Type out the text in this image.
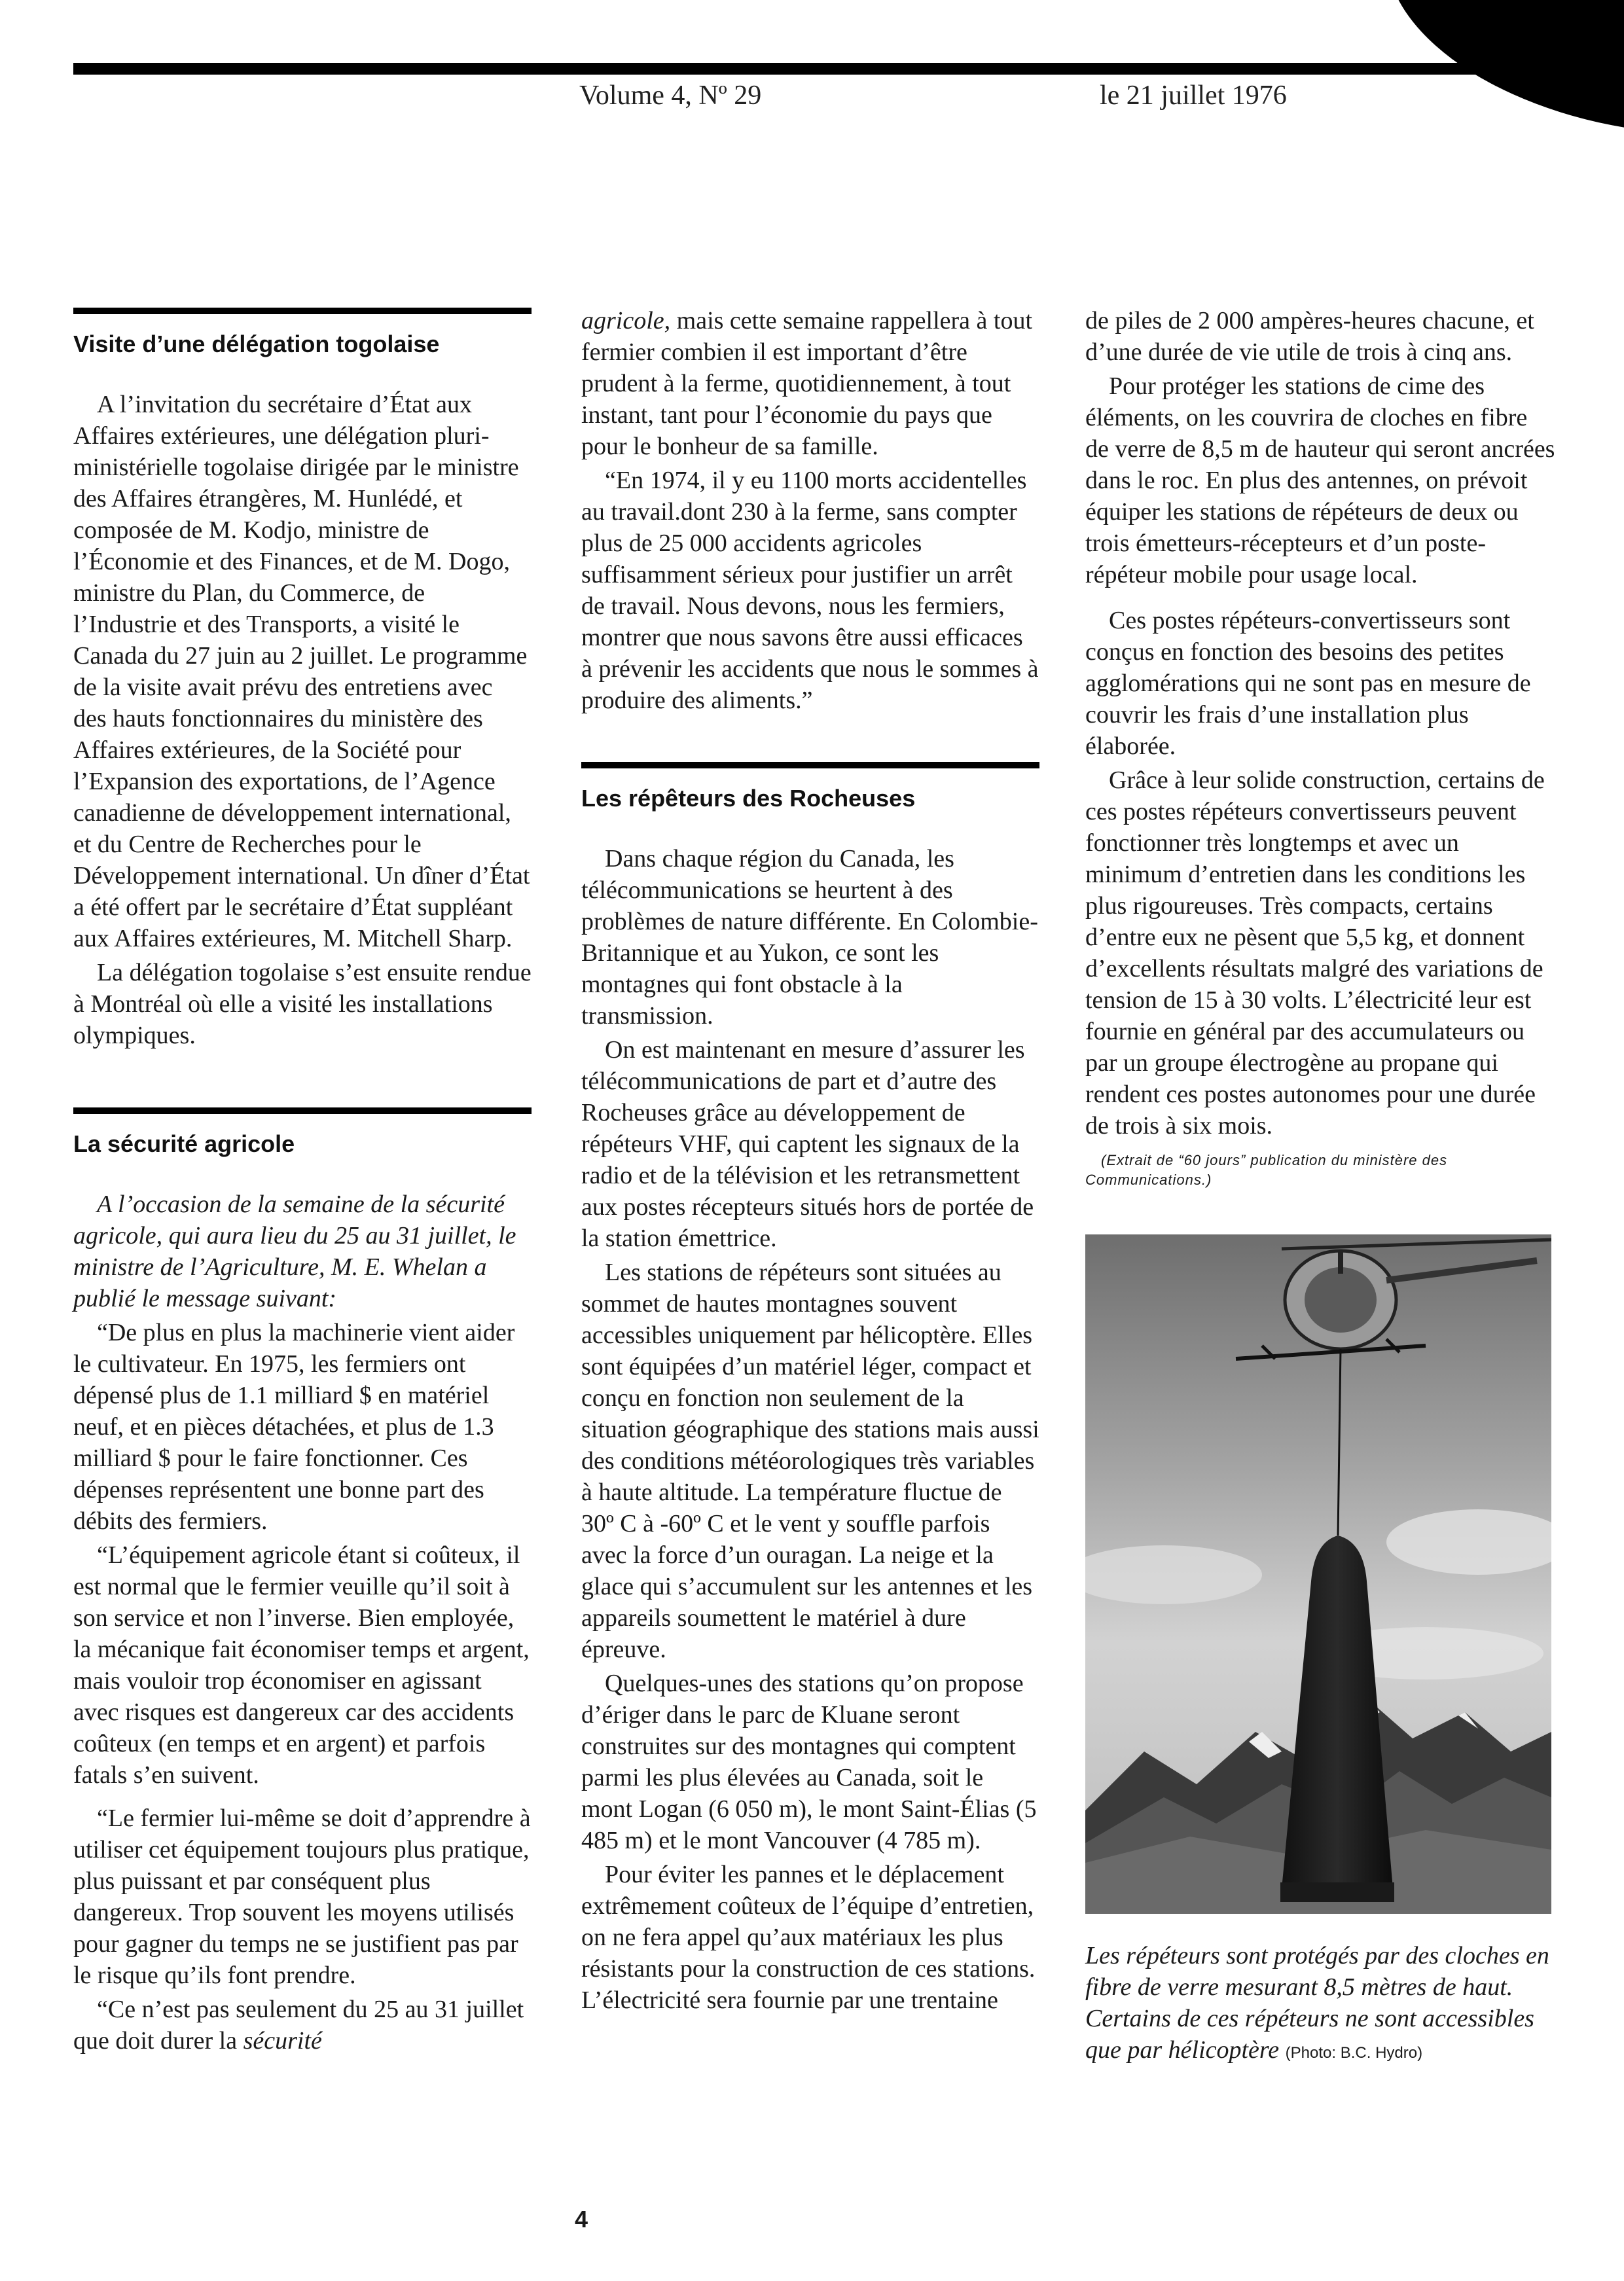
Volume 4, Nº 29	le 21 juillet 1976
Visite d’une délégation togolaise

A l’invitation du secrétaire d’État aux Affaires extérieures, une délégation pluri-ministérielle togolaise dirigée par le ministre des Affaires étrangères, M. Hunlédé, et composée de M. Kodjo, ministre de l’Économie et des Finances, et de M. Dogo, ministre du Plan, du Commerce, de l’Industrie et des Transports, a visité le Canada du 27 juin au 2 juillet. Le programme de la visite avait prévu des entretiens avec des hauts fonctionnaires du ministère des Affaires extérieures, de la Société pour l’Expansion des exportations, de l’Agence canadienne de développement international, et du Centre de Recherches pour le Développement international. Un dîner d’État a été offert par le secrétaire d’État suppléant aux Affaires extérieures, M. Mitchell Sharp.

La délégation togolaise s’est ensuite rendue à Montréal où elle a visité les installations olympiques.

La sécurité agricole

A l’occasion de la semaine de la sécurité agricole, qui aura lieu du 25 au 31 juillet, le ministre de l’Agriculture, M. E. Whelan a publié le message suivant:

“De plus en plus la machinerie vient aider le cultivateur. En 1975, les fermiers ont dépensé plus de 1.1 milliard $ en matériel neuf, et en pièces détachées, et plus de 1.3 milliard $ pour le faire fonctionner. Ces dépenses représentent une bonne part des débits des fermiers.

“L’équipement agricole étant si coûteux, il est normal que le fermier veuille qu’il soit à son service et non l’inverse. Bien employée, la mécanique fait économiser temps et argent, mais vouloir trop économiser en agissant avec risques est dangereux car des accidents coûteux (en temps et en argent) et parfois fatals s’en suivent.

“Le fermier lui-même se doit d’apprendre à utiliser cet équipement toujours plus pratique, plus puissant et par conséquent plus dangereux. Trop souvent les moyens utilisés pour gagner du temps ne se justifient pas par le risque qu’ils font prendre.

“Ce n’est pas seulement du 25 au 31 juillet que doit durer la sécurité

agricole, mais cette semaine rappellera à tout fermier combien il est important d’être prudent à la ferme, quotidiennement, à tout instant, tant pour l’économie du pays que pour le bonheur de sa famille.

“En 1974, il y eu 1100 morts accidentelles au travail.dont 230 à la ferme, sans compter plus de 25 000 accidents agricoles suffisamment sérieux pour justifier un arrêt de travail. Nous devons, nous les fermiers, montrer que nous savons être aussi efficaces à prévenir les accidents que nous le sommes à produire des aliments.”

Les répêteurs des Rocheuses

Dans chaque région du Canada, les télécommunications se heurtent à des problèmes de nature différente. En Colombie-Britannique et au Yukon, ce sont les montagnes qui font obstacle à la transmission.

On est maintenant en mesure d’assurer les télécommunications de part et d’autre des Rocheuses grâce au développement de répéteurs VHF, qui captent les signaux de la radio et de la télévision et les retransmettent aux postes récepteurs situés hors de portée de la station émettrice.

Les stations de répéteurs sont situées au sommet de hautes montagnes souvent accessibles uniquement par hélicoptère. Elles sont équipées d’un matériel léger, compact et conçu en fonction non seulement de la situation géographique des stations mais aussi des conditions météorologiques très variables à haute altitude. La température fluctue de 30º C à -60º C et le vent y souffle parfois avec la force d’un ouragan. La neige et la glace qui s’accumulent sur les antennes et les appareils soumettent le matériel à dure épreuve.

Quelques-unes des stations qu’on propose d’ériger dans le parc de Kluane seront construites sur des montagnes qui comptent parmi les plus élevées au Canada, soit le mont Logan (6 050 m), le mont Saint-Élias (5 485 m) et le mont Vancouver (4 785 m).

Pour éviter les pannes et le déplacement extrêmement coûteux de l’équipe d’entretien, on ne fera appel qu’aux matériaux les plus résistants pour la construction de ces stations. L’électricité sera fournie par une trentaine

de piles de 2 000 ampères-heures chacune, et d’une durée de vie utile de trois à cinq ans.

Pour protéger les stations de cime des éléments, on les couvrira de cloches en fibre de verre de 8,5 m de hauteur qui seront ancrées dans le roc. En plus des antennes, on prévoit équiper les stations de répéteurs de deux ou trois émetteurs-récepteurs et d’un poste-répéteur mobile pour usage local.

Ces postes répéteurs-convertisseurs sont conçus en fonction des besoins des petites agglomérations qui ne sont pas en mesure de couvrir les frais d’une installation plus élaborée.

Grâce à leur solide construction, certains de ces postes répéteurs convertisseurs peuvent fonctionner très longtemps et avec un minimum d’entretien dans les conditions les plus rigoureuses. Très compacts, certains d’entre eux ne pèsent que 5,5 kg, et donnent d’excellents résultats malgré des variations de tension de 15 à 30 volts. L’électricité leur est fournie en général par des accumulateurs ou par un groupe électrogène au propane qui rendent ces postes autonomes pour une durée de trois à six mois.

(Extrait de “60 jours” publication du ministère des Communications.)

Les répéteurs sont protégés par des cloches en fibre de verre mesurant 8,5 mètres de haut. Certains de ces répéteurs ne sont accessibles que par hélicoptère (Photo: B.C. Hydro)
4
